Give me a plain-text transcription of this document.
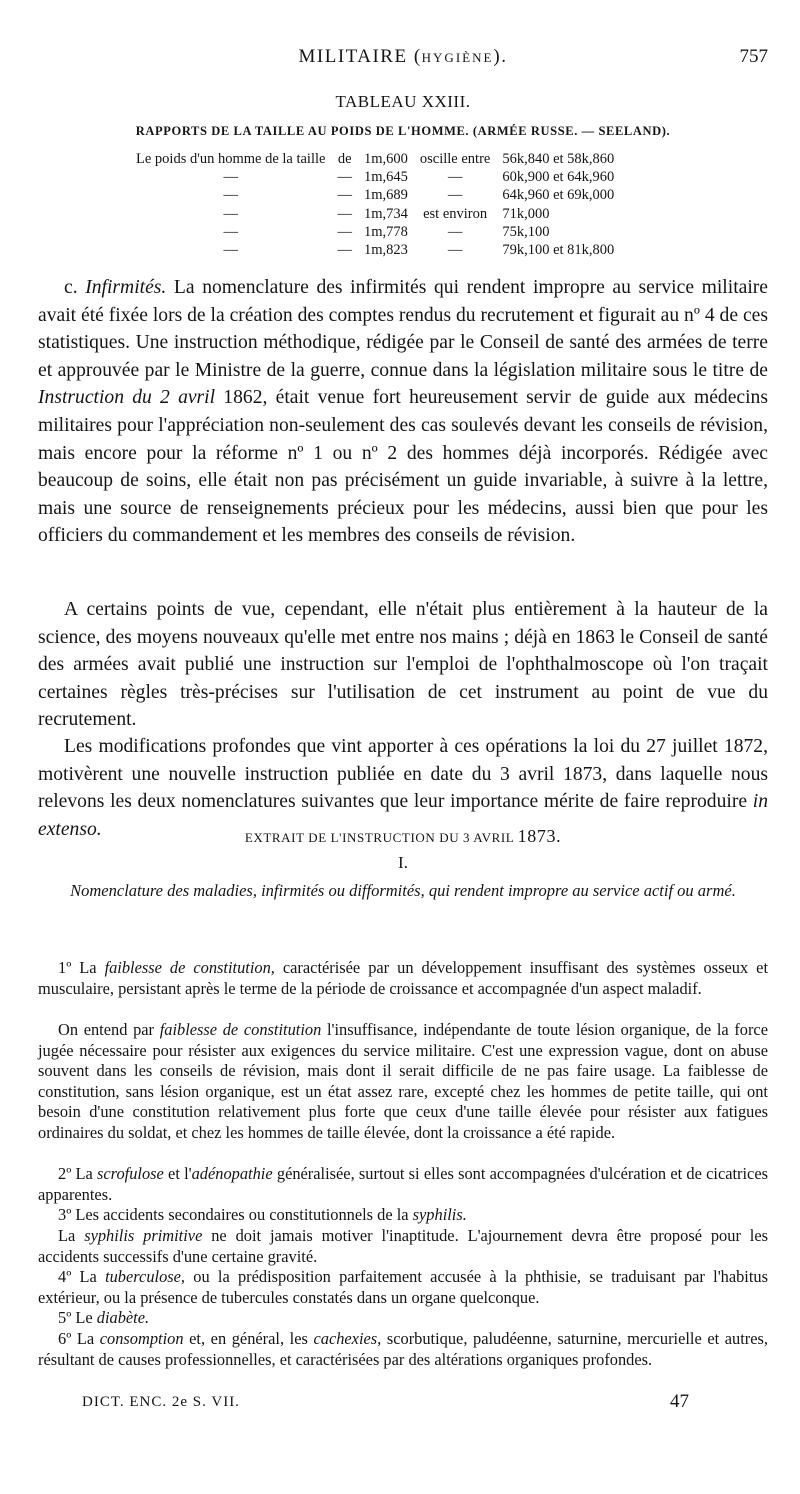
MILITAIRE (HYGIÈNE).	757
TABLEAU XXIII.
RAPPORTS DE LA TAILLE AU POIDS DE L'HOMME. (ARMÉE RUSSE. — SEELAND).
Le poids d'un homme de la taille	de	1m,600	oscille entre	56k,840 et 58k,860
—	—	1m,645	—	60k,900 et 64k,960
—	—	1m,689	—	64k,960 et 69k,000
—	—	1m,734	est environ	71k,000
—	—	1m,778	—	75k,100
—	—	1m,823	—	79k,100 et 81k,800

c. Infirmités. La nomenclature des infirmités qui rendent impropre au service militaire avait été fixée lors de la création des comptes rendus du recrutement et figurait au nº 4 de ces statistiques. Une instruction méthodique, rédigée par le Conseil de santé des armées de terre et approuvée par le Ministre de la guerre, connue dans la législation militaire sous le titre de Instruction du 2 avril 1862, était venue fort heureusement servir de guide aux médecins militaires pour l'appréciation non-seulement des cas soulevés devant les conseils de révision, mais encore pour la réforme nº 1 ou nº 2 des hommes déjà incorporés. Rédigée avec beaucoup de soins, elle était non pas précisément un guide invariable, à suivre à la lettre, mais une source de renseignements précieux pour les médecins, aussi bien que pour les officiers du commandement et les membres des conseils de révision.

A certains points de vue, cependant, elle n'était plus entièrement à la hauteur de la science, des moyens nouveaux qu'elle met entre nos mains ; déjà en 1863 le Conseil de santé des armées avait publié une instruction sur l'emploi de l'ophthalmoscope où l'on traçait certaines règles très-précises sur l'utilisation de cet instrument au point de vue du recrutement.

Les modifications profondes que vint apporter à ces opérations la loi du 27 juillet 1872, motivèrent une nouvelle instruction publiée en date du 3 avril 1873, dans laquelle nous relevons les deux nomenclatures suivantes que leur importance mérite de faire reproduire in extenso.	EXTRAIT DE L'INSTRUCTION DU 3 AVRIL 1873.
I.
Nomenclature des maladies, infirmités ou difformités, qui rendent impropre au service actif ou armé.

1º La faiblesse de constitution, caractérisée par un développement insuffisant des systèmes osseux et musculaire, persistant après le terme de la période de croissance et accompagnée d'un aspect maladif.

On entend par faiblesse de constitution l'insuffisance, indépendante de toute lésion organique, de la force jugée nécessaire pour résister aux exigences du service militaire. C'est une expression vague, dont on abuse souvent dans les conseils de révision, mais dont il serait difficile de ne pas faire usage. La faiblesse de constitution, sans lésion organique, est un état assez rare, excepté chez les hommes de petite taille, qui ont besoin d'une constitution relativement plus forte que ceux d'une taille élevée pour résister aux fatigues ordinaires du soldat, et chez les hommes de taille élevée, dont la croissance a été rapide.

2º La scrofulose et l'adénopathie généralisée, surtout si elles sont accompagnées d'ulcération et de cicatrices apparentes.

3º Les accidents secondaires ou constitutionnels de la syphilis.

La syphilis primitive ne doit jamais motiver l'inaptitude. L'ajournement devra être proposé pour les accidents successifs d'une certaine gravité.

4º La tuberculose, ou la prédisposition parfaitement accusée à la phthisie, se traduisant par l'habitus extérieur, ou la présence de tubercules constatés dans un organe quelconque.

5º Le diabète.

6º La consomption et, en général, les cachexies, scorbutique, paludéenne, saturnine, mercurielle et autres, résultant de causes professionnelles, et caractérisées par des altérations organiques profondes.

DICT. ENC. 2e S. VII.	47
